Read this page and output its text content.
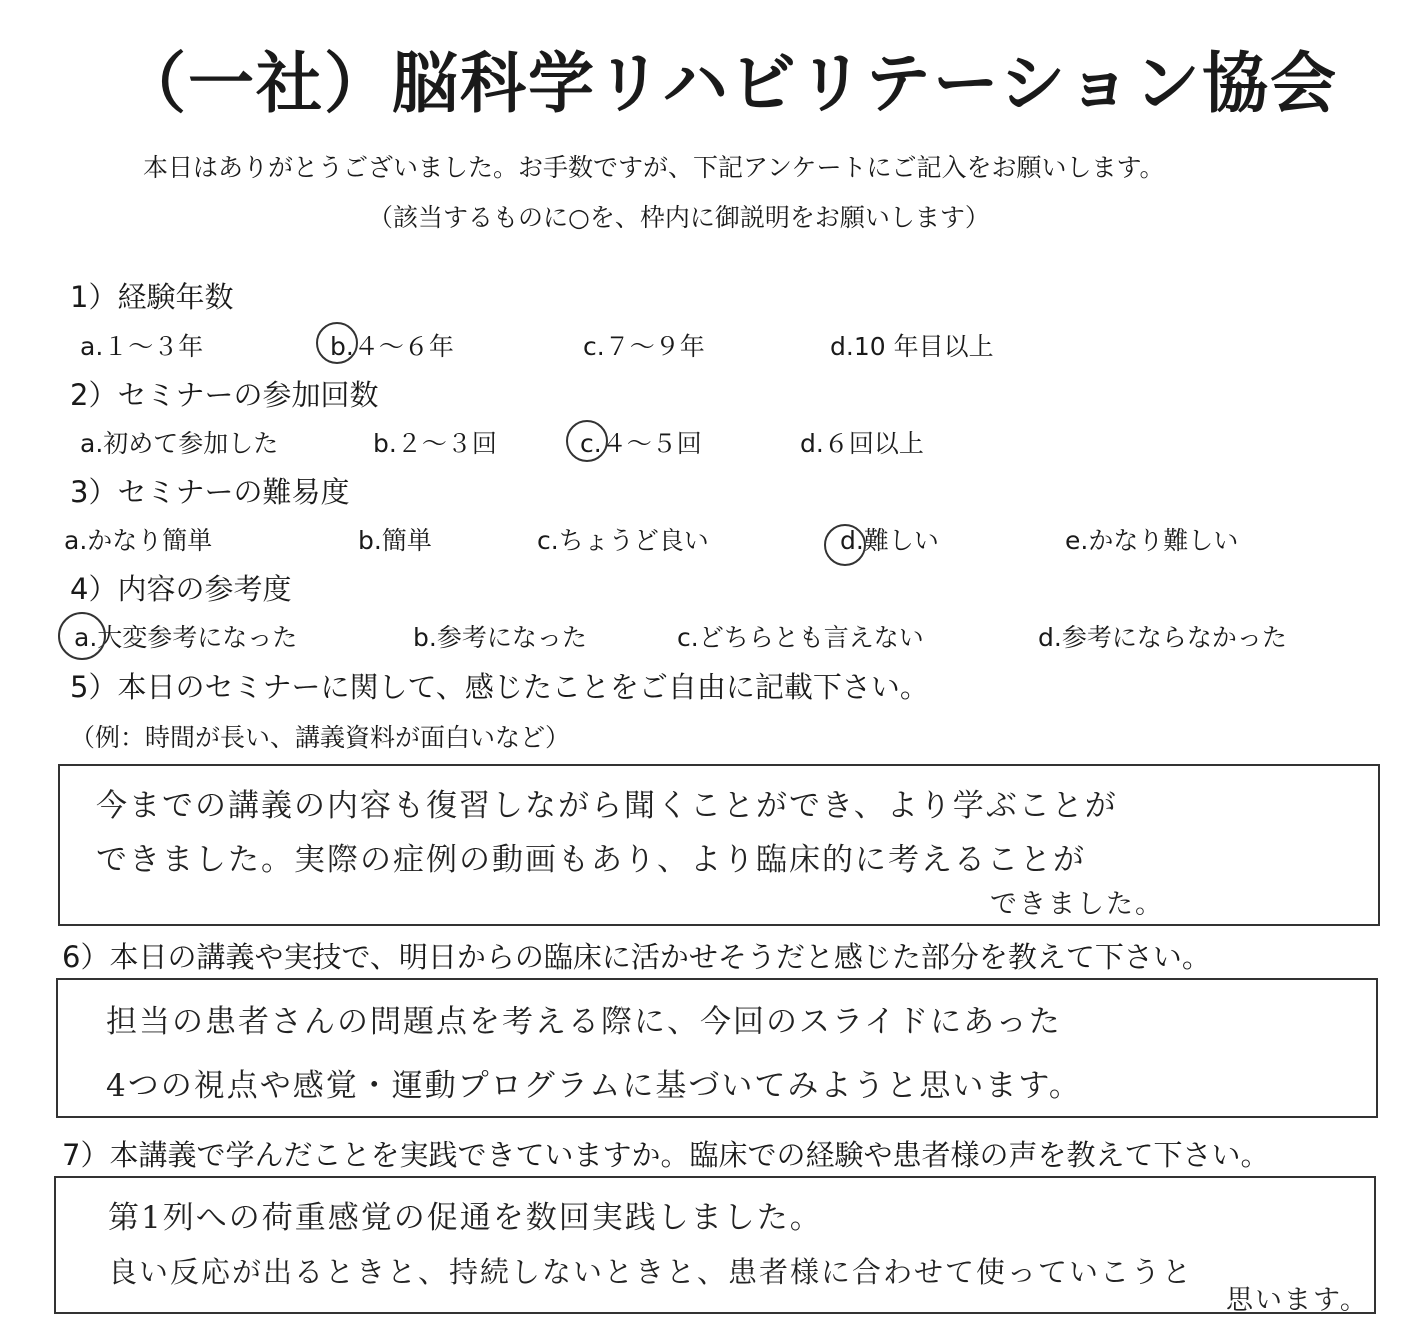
（一社）脳科学リハビリテーション協会
本日はありがとうございました。お手数ですが、下記アンケートにご記入をお願いします。
（該当するものに○を、枠内に御説明をお願いします）
1）経験年数
a.１～３年	b.４～６年	c.７～９年	d.10 年目以上
2）セミナーの参加回数
a.初めて参加した	b.２～３回	c.４～５回	d.６回以上
3）セミナーの難易度
a.かなり簡単	b.簡単	c.ちょうど良い	d.難しい	e.かなり難しい
4）内容の参考度
a.大変参考になった	b.参考になった	c.どちらとも言えない	d.参考にならなかった
5）本日のセミナーに関して、感じたことをご自由に記載下さい。
（例：時間が長い、講義資料が面白いなど）
今までの講義の内容も復習しながら聞くことができ、より学ぶことが
できました。実際の症例の動画もあり、より臨床的に考えることが
できました。
6）本日の講義や実技で、明日からの臨床に活かせそうだと感じた部分を教えて下さい。
担当の患者さんの問題点を考える際に、今回のスライドにあった
4つの視点や感覚・運動プログラムに基づいてみようと思います。
7）本講義で学んだことを実践できていますか。臨床での経験や患者様の声を教えて下さい。
第1列への荷重感覚の促通を数回実践しました。
良い反応が出るときと、持続しないときと、患者様に合わせて使っていこうと
思います。
